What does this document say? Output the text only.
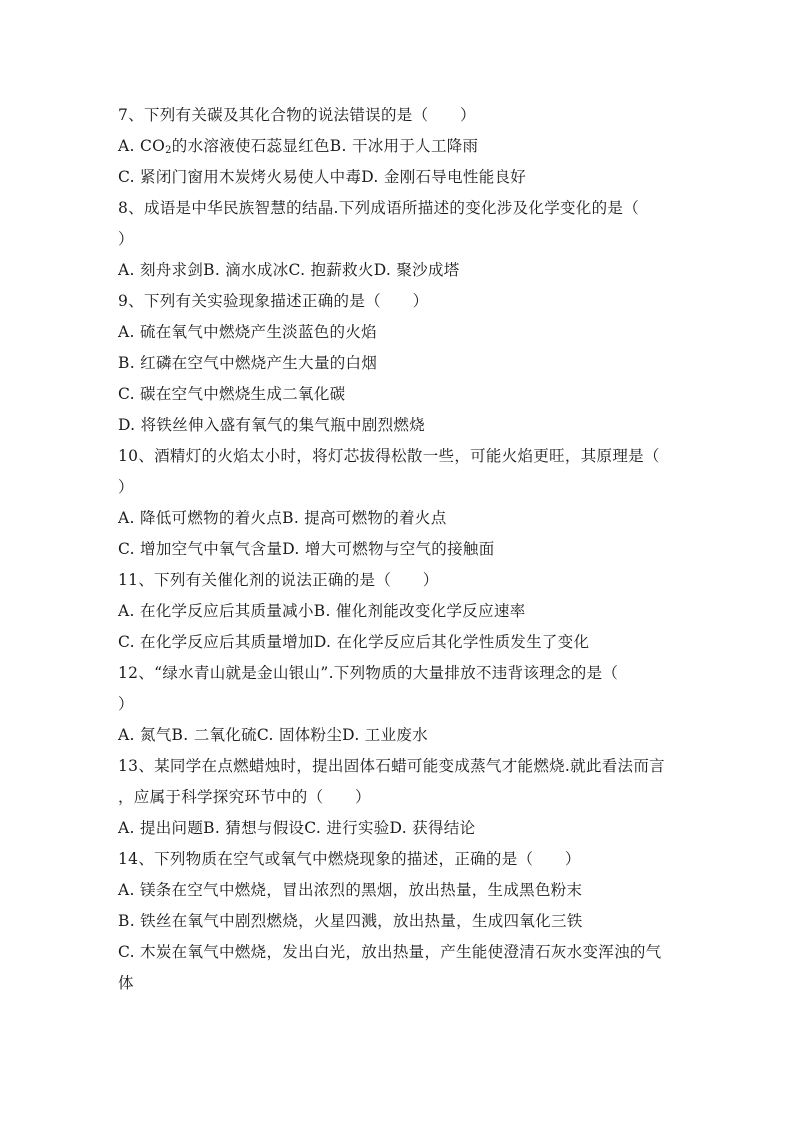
7、下列有关碳及其化合物的说法错误的是（　　）
A. $CO_2$的水溶液使石蕊显红色B. 干冰用于人工降雨
C. 紧闭门窗用木炭烤火易使人中毒D. 金刚石导电性能良好
8、成语是中华民族智慧的结晶.下列成语所描述的变化涉及化学变化的是（
）
A. 刻舟求剑B. 滴水成冰C. 抱薪救火D. 聚沙成塔
9、下列有关实验现象描述正确的是（　　）
A. 硫在氧气中燃烧产生淡蓝色的火焰
B. 红磷在空气中燃烧产生大量的白烟
C. 碳在空气中燃烧生成二氧化碳
D. 将铁丝伸入盛有氧气的集气瓶中剧烈燃烧
10、酒精灯的火焰太小时，将灯芯拔得松散一些，可能火焰更旺，其原理是（
）
A. 降低可燃物的着火点B. 提高可燃物的着火点
C. 增加空气中氧气含量D. 增大可燃物与空气的接触面
11、下列有关催化剂的说法正确的是（　　）
A. 在化学反应后其质量减小B. 催化剂能改变化学反应速率
C. 在化学反应后其质量增加D. 在化学反应后其化学性质发生了变化
12、“绿水青山就是金山银山”.下列物质的大量排放不违背该理念的是（
）
A. 氮气B. 二氧化硫C. 固体粉尘D. 工业废水
13、某同学在点燃蜡烛时，提出固体石蜡可能变成蒸气才能燃烧.就此看法而言
，应属于科学探究环节中的（　　）
A. 提出问题B. 猜想与假设C. 进行实验D. 获得结论
14、下列物质在空气或氧气中燃烧现象的描述，正确的是（　　）
A. 镁条在空气中燃烧，冒出浓烈的黑烟，放出热量，生成黑色粉末
B. 铁丝在氧气中剧烈燃烧，火星四溅，放出热量，生成四氧化三铁
C. 木炭在氧气中燃烧，发出白光，放出热量，产生能使澄清石灰水变浑浊的气
体
